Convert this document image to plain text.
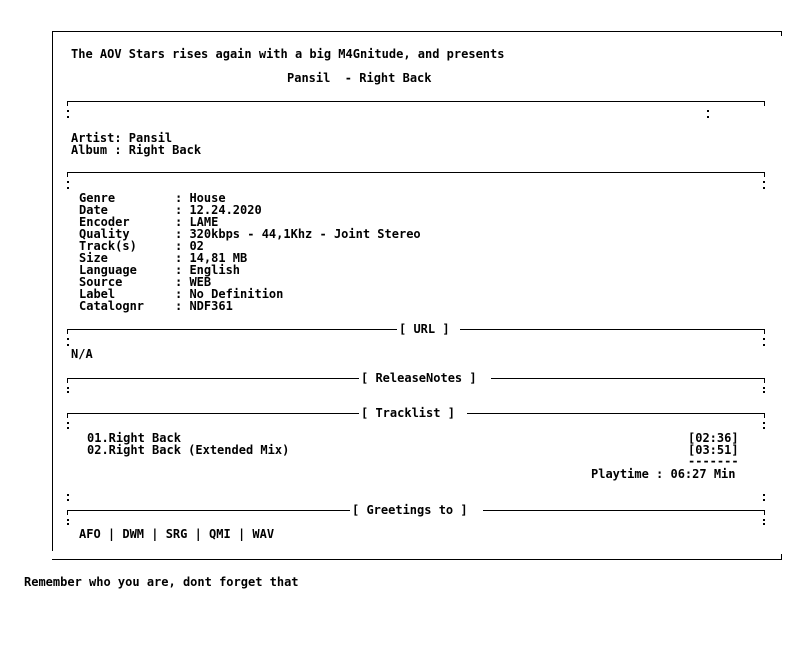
The AOV Stars rises again with a big M4Gnitude, and presents
Pansil  - Right Back
Artist: Pansil
Album : Right Back
Genre	: House
Date	: 12.24.2020
Encoder	: LAME
Quality	: 320kbps - 44,1Khz - Joint Stereo
Track(s)	: 02
Size	: 14,81 MB
Language	: English
Source	: WEB
Label	: No Definition
Catalognr	: NDF361
[ URL ]
N/A
[ ReleaseNotes ]
[ Tracklist ]
01.Right Back	[02:36]
02.Right Back (Extended Mix)	[03:51]
-------
Playtime : 06:27 Min
[ Greetings to ]
AFO | DWM | SRG | QMI | WAV
Remember who you are, dont forget that
